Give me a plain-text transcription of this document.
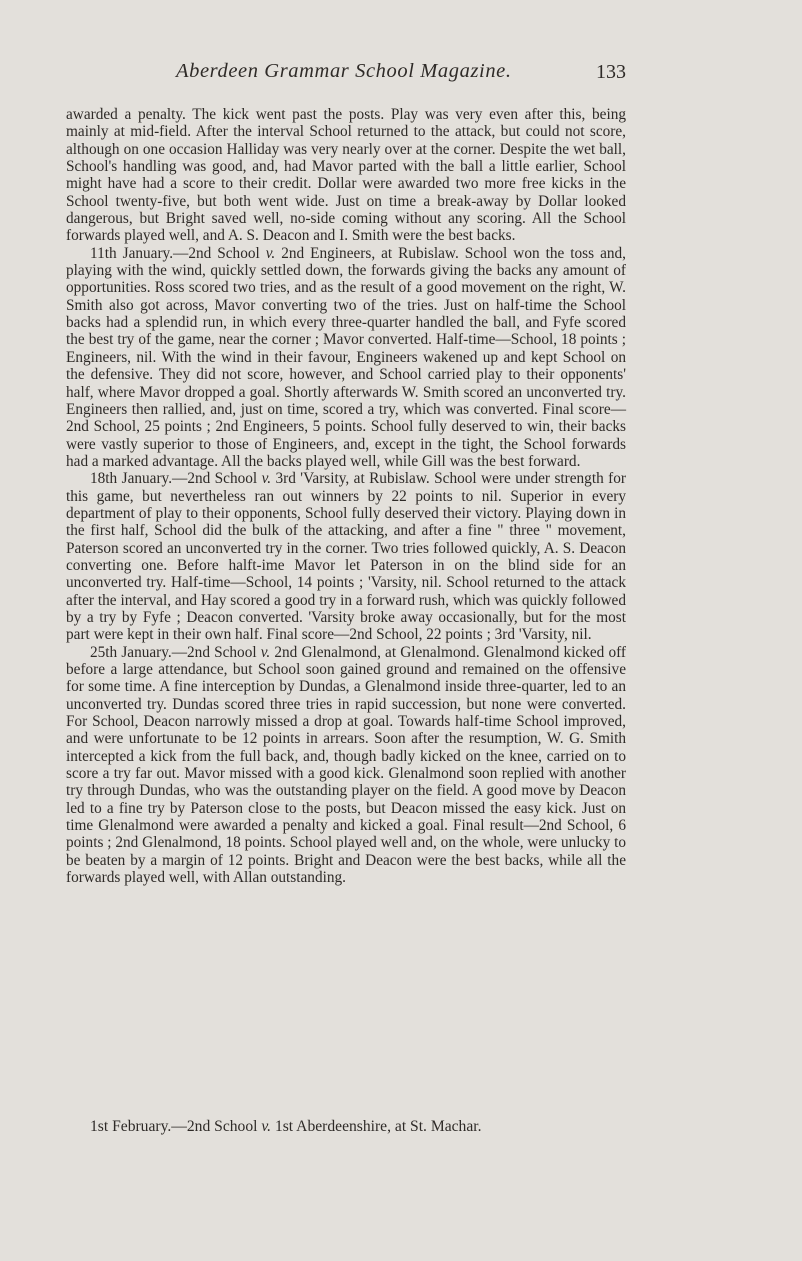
Aberdeen Grammar School Magazine.	133

awarded a penalty. The kick went past the posts. Play was very even after this, being mainly at mid-field. After the interval School returned to the attack, but could not score, although on one occasion Halliday was very nearly over at the corner. Despite the wet ball, School's handling was good, and, had Mavor parted with the ball a little earlier, School might have had a score to their credit. Dollar were awarded two more free kicks in the School twenty-five, but both went wide. Just on time a break-away by Dollar looked dangerous, but Bright saved well, no-side coming without any scoring. All the School forwards played well, and A. S. Deacon and I. Smith were the best backs.

11th January.—2nd School v. 2nd Engineers, at Rubislaw. School won the toss and, playing with the wind, quickly settled down, the forwards giving the backs any amount of opportunities. Ross scored two tries, and as the result of a good movement on the right, W. Smith also got across, Mavor converting two of the tries. Just on half-time the School backs had a splendid run, in which every three-quarter handled the ball, and Fyfe scored the best try of the game, near the corner ; Mavor converted. Half-time—School, 18 points ; Engineers, nil. With the wind in their favour, Engineers wakened up and kept School on the defensive. They did not score, however, and School carried play to their opponents' half, where Mavor dropped a goal. Shortly afterwards W. Smith scored an unconverted try. Engineers then rallied, and, just on time, scored a try, which was converted. Final score—2nd School, 25 points ; 2nd Engineers, 5 points. School fully deserved to win, their backs were vastly superior to those of Engineers, and, except in the tight, the School forwards had a marked advantage. All the backs played well, while Gill was the best forward.

18th January.—2nd School v. 3rd 'Varsity, at Rubislaw. School were under strength for this game, but nevertheless ran out winners by 22 points to nil. Superior in every department of play to their opponents, School fully deserved their victory. Playing down in the first half, School did the bulk of the attacking, and after a fine " three " movement, Paterson scored an unconverted try in the corner. Two tries followed quickly, A. S. Deacon converting one. Before halft-ime Mavor let Paterson in on the blind side for an unconverted try. Half-time—School, 14 points ; 'Varsity, nil. School returned to the attack after the interval, and Hay scored a good try in a forward rush, which was quickly followed by a try by Fyfe ; Deacon converted. 'Varsity broke away occasionally, but for the most part were kept in their own half. Final score—2nd School, 22 points ; 3rd 'Varsity, nil.

25th January.—2nd School v. 2nd Glenalmond, at Glenalmond. Glenalmond kicked off before a large attendance, but School soon gained ground and remained on the offensive for some time. A fine interception by Dundas, a Glenalmond inside three-quarter, led to an unconverted try. Dundas scored three tries in rapid succession, but none were converted. For School, Deacon narrowly missed a drop at goal. Towards half-time School improved, and were unfortunate to be 12 points in arrears. Soon after the resumption, W. G. Smith intercepted a kick from the full back, and, though badly kicked on the knee, carried on to score a try far out. Mavor missed with a good kick. Glenalmond soon replied with another try through Dundas, who was the outstanding player on the field. A good move by Deacon led to a fine try by Paterson close to the posts, but Deacon missed the easy kick. Just on time Glenalmond were awarded a penalty and kicked a goal. Final result—2nd School, 6 points ; 2nd Glenalmond, 18 points. School played well and, on the whole, were unlucky to be beaten by a margin of 12 points. Bright and Deacon were the best backs, while all the forwards played well, with Allan outstanding.

1st February.—2nd School v. 1st Aberdeenshire, at St. Machar.
